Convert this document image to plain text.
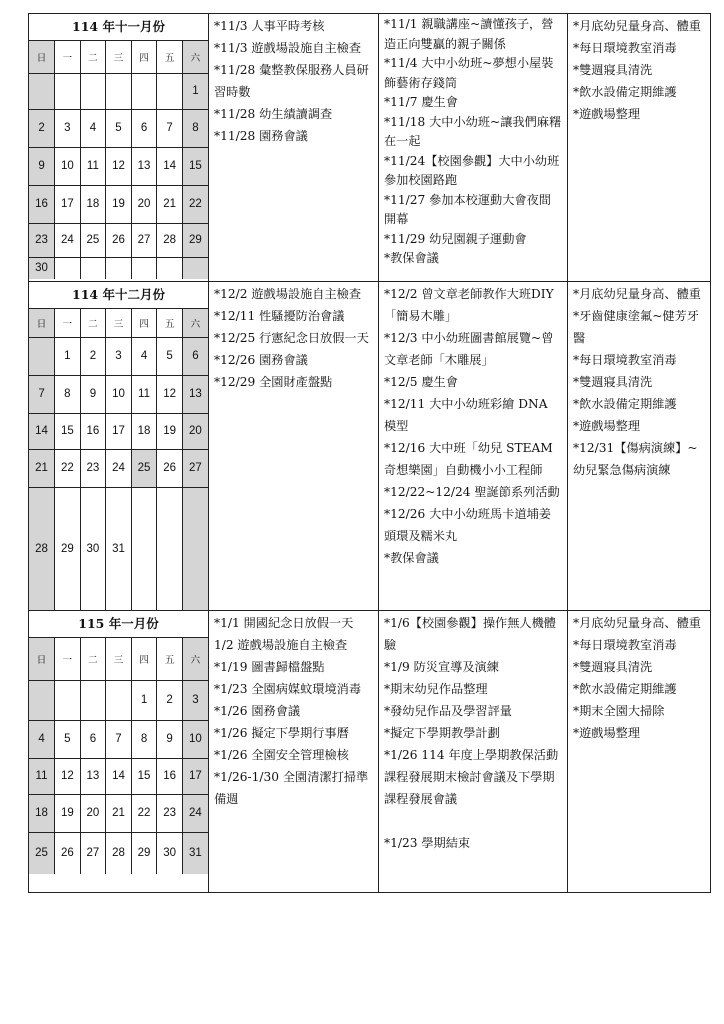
114 年十一月份
日	一	二	三	四	五	六
						1
2	3	4	5	6	7	8
9	10	11	12	13	14	15
16	17	18	19	20	21	22
23	24	25	26	27	28	29
30						

*11/3 人事平時考核
*11/3 遊戲場設施自主檢查
*11/28 彙整教保服務人員研習時數
*11/28 幼生績讀調查
*11/28 園務會議

*11/1 親職講座~讀懂孩子，營造正向雙贏的親子關係
*11/4 大中小幼班~夢想小屋裝飾藝術存錢筒
*11/7 慶生會
*11/18 大中小幼班~讓我們麻糬在一起
*11/24【校園參觀】大中小幼班參加校園路跑
*11/27 參加本校運動大會夜間開幕
*11/29 幼兒園親子運動會
*教保會議

*月底幼兒量身高、體重
*每日環境教室消毒
*雙週寢具清洗
*飲水設備定期維護
*遊戲場整理

114 年十二月份
日	一	二	三	四	五	六
	1	2	3	4	5	6
7	8	9	10	11	12	13
14	15	16	17	18	19	20
21	22	23	24	25	26	27
28	29	30	31			

*12/2 遊戲場設施自主檢查
*12/11 性騷擾防治會議
*12/25 行憲紀念日放假一天
*12/26 園務會議
*12/29 全園財產盤點

*12/2 曾文章老師教作大班DIY「簡易木雕」
*12/3 中小幼班圖書館展覽~曾文章老師「木雕展」
*12/5 慶生會
*12/11 大中小幼班彩繪 DNA 模型
*12/16 大中班「幼兒 STEAM 奇想樂園」自動機小小工程師
*12/22~12/24 聖誕節系列活動
*12/26 大中小幼班馬卡道埔姜頭環及糯米丸
*教保會議

*月底幼兒量身高、體重
*牙齒健康塗氟~健芳牙醫
*每日環境教室消毒
*雙週寢具清洗
*飲水設備定期維護
*遊戲場整理
*12/31【傷病演練】~幼兒緊急傷病演練

115 年一月份
日	一	二	三	四	五	六
				1	2	3
4	5	6	7	8	9	10
11	12	13	14	15	16	17
18	19	20	21	22	23	24
25	26	27	28	29	30	31

*1/1 開國紀念日放假一天
1/2 遊戲場設施自主檢查
*1/19 圖書歸檔盤點
*1/23 全園病媒蚊環境消毒
*1/26 園務會議
*1/26 擬定下學期行事曆
*1/26 全園安全管理檢核
*1/26-1/30 全園清潔打掃準備週

*1/6【校園參觀】操作無人機體驗
*1/9 防災宣導及演練
*期末幼兒作品整理
*發幼兒作品及學習評量
*擬定下學期教學計劃
*1/26 114 年度上學期教保活動課程發展期末檢討會議及下學期課程發展會議
*1/23 學期結束

*月底幼兒量身高、體重
*每日環境教室消毒
*雙週寢具清洗
*飲水設備定期維護
*期末全園大掃除
*遊戲場整理
